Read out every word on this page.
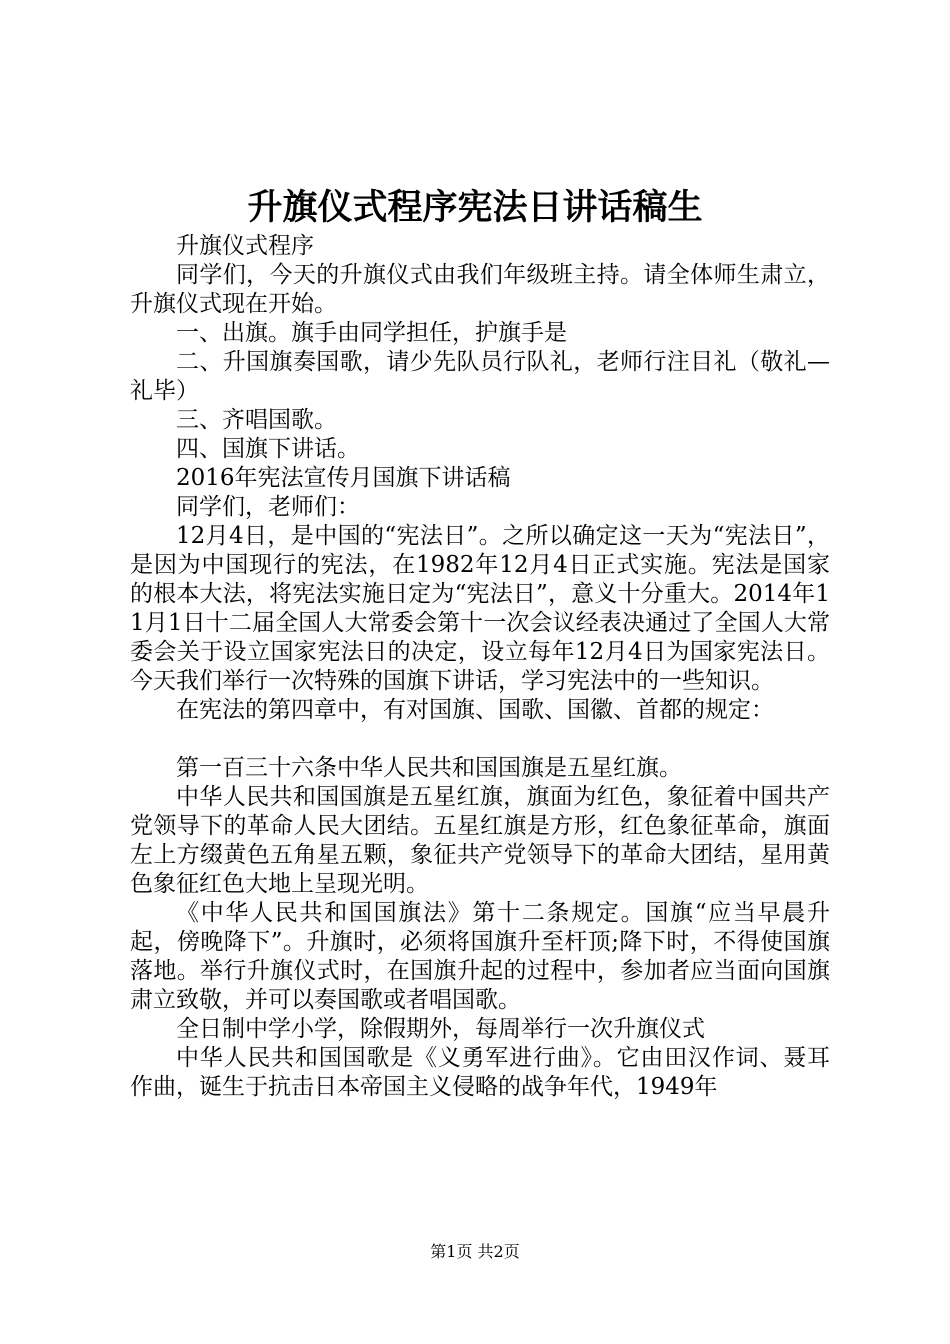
升旗仪式程序宪法日讲话稿生

升旗仪式程序

同学们，今天的升旗仪式由我们年级班主持。请全体师生肃立，升旗仪式现在开始。

一、出旗。旗手由同学担任，护旗手是

二、升国旗奏国歌，请少先队员行队礼，老师行注目礼（敬礼—礼毕）

三、齐唱国歌。

四、国旗下讲话。

2016年宪法宣传月国旗下讲话稿

同学们，老师们：

12月4日，是中国的“宪法日”。之所以确定这一天为“宪法日”，是因为中国现行的宪法，在1982年12月4日正式实施。宪法是国家的根本大法，将宪法实施日定为“宪法日”，意义十分重大。2014年11月1日十二届全国人大常委会第十一次会议经表决通过了全国人大常委会关于设立国家宪法日的决定，设立每年12月4日为国家宪法日。今天我们举行一次特殊的国旗下讲话，学习宪法中的一些知识。

在宪法的第四章中，有对国旗、国歌、国徽、首都的规定：

第一百三十六条中华人民共和国国旗是五星红旗。

中华人民共和国国旗是五星红旗，旗面为红色，象征着中国共产党领导下的革命人民大团结。五星红旗是方形，红色象征革命，旗面左上方缀黄色五角星五颗，象征共产党领导下的革命大团结，星用黄色象征红色大地上呈现光明。

《中华人民共和国国旗法》第十二条规定。国旗“应当早晨升起，傍晚降下”。升旗时，必须将国旗升至杆顶;降下时，不得使国旗落地。举行升旗仪式时，在国旗升起的过程中，参加者应当面向国旗肃立致敬，并可以奏国歌或者唱国歌。

全日制中学小学，除假期外，每周举行一次升旗仪式

中华人民共和国国歌是《义勇军进行曲》。它由田汉作词、聂耳作曲，诞生于抗击日本帝国主义侵略的战争年代，1949年

第1页 共2页
